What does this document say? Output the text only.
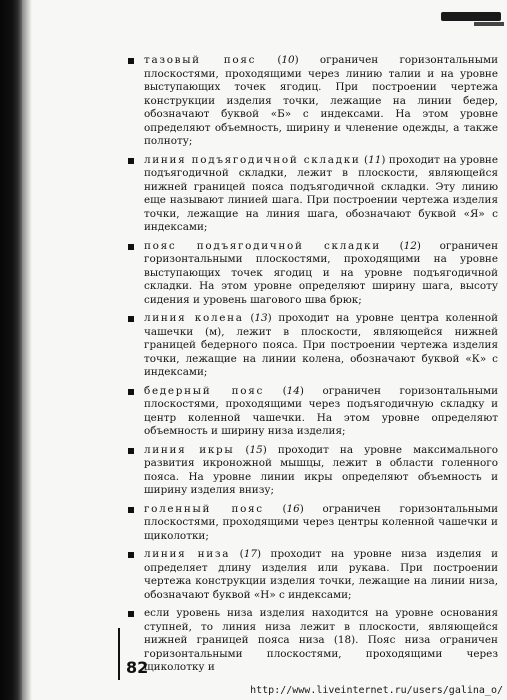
тазовый пояс (10) ограничен горизонтальными плоскостями, проходящими через линию талии и на уровне выступающих точек ягодиц. При построении чертежа конструкции изделия точки, лежащие на линии бедер, обозначают буквой «Б» с индексами. На этом уровне определяют объемность, ширину и членение одежды, а также полноту;
линия подъягодичной складки (11) проходит на уровне подъягодичной складки, лежит в плоскости, являющейся нижней границей пояса подъягодичной складки. Эту линию еще называют линией шага. При построении чертежа изделия точки, лежащие на линия шага, обозначают буквой «Я» с индексами;
пояс подъягодичной складки (12) ограничен горизонтальными плоскостями, проходящими на уровне выступающих точек ягодиц и на уровне подъягодичной складки. На этом уровне определяют ширину шага, высоту сидения и уровень шагового шва брюк;
линия колена (13) проходит на уровне центра коленной чашечки (м), лежит в плоскости, являющейся нижней границей бедерного пояса. При построении чертежа изделия точки, лежащие на линии колена, обозначают буквой «К» с индексами;
бедерный пояс (14) ограничен горизонтальными плоскостями, проходящими через подъягодичную складку и центр коленной чашечки. На этом уровне определяют объемность и ширину низа изделия;
линия икры (15) проходит на уровне максимального развития икроножной мышцы, лежит в области голенного пояса. На уровне линии икры определяют объемность и ширину изделия внизу;
голенный пояс (16) ограничен горизонтальными плоскостями, проходящими через центры коленной чашечки и щиколотки;
линия низа (17) проходит на уровне низа изделия и определяет длину изделия или рукава. При построении чертежа конструкции изделия точки, лежащие на линии низа, обозначают буквой «Н» с индексами;
если уровень низа изделия находится на уровне основания ступней, то линия низа лежит в плоскости, являющейся нижней границей пояса низа (18). Пояс низа ограничен горизонтальными плоскостями, проходящими через щиколотку и
82
http://www.liveinternet.ru/users/galina_o/
